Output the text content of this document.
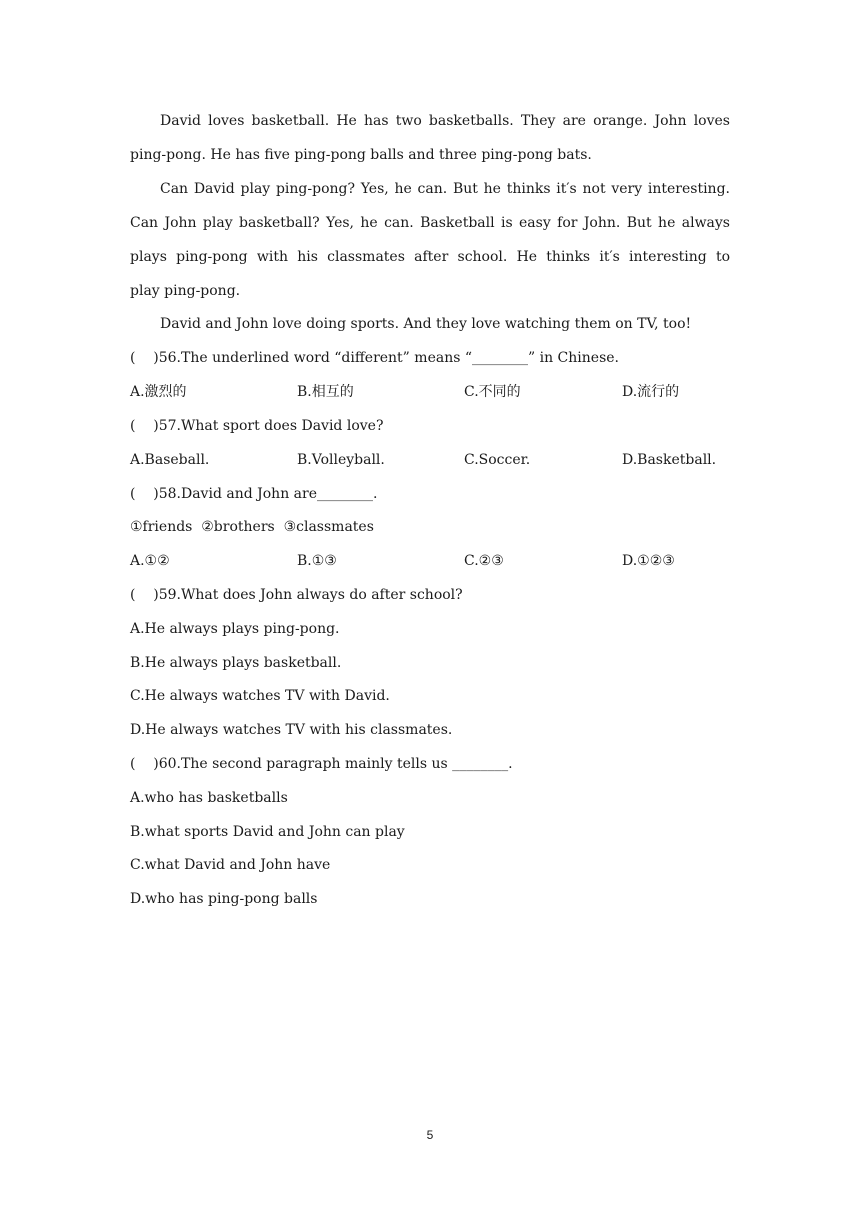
David loves basketball. He has two basketballs. They are orange. John loves
ping-pong. He has five ping-pong balls and three ping-pong bats.
Can David play ping-pong? Yes, he can. But he thinks it′s not very interesting.
Can John play basketball? Yes, he can. Basketball is easy for John. But he always
plays ping-pong with his classmates after school. He thinks it′s interesting to
play ping-pong.
David and John love doing sports. And they love watching them on TV, too!
(    )56.The underlined word “different” means “________” in Chinese.
A.激烈的	B.相互的	C.不同的	D.流行的
(    )57.What sport does David love?
A.Baseball.	B.Volleyball.	C.Soccer.	D.Basketball.
(    )58.David and John are________.
①friends  ②brothers  ③classmates
A.①②	B.①③	C.②③	D.①②③
(    )59.What does John always do after school?
A.He always plays ping-pong.
B.He always plays basketball.
C.He always watches TV with David.
D.He always watches TV with his classmates.
(    )60.The second paragraph mainly tells us ________.
A.who has basketballs
B.what sports David and John can play
C.what David and John have
D.who has ping-pong balls
5
